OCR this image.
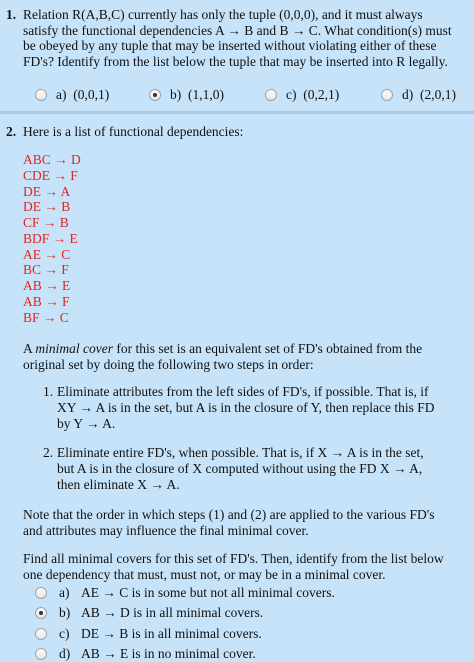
1. Relation R(A,B,C) currently has only the tuple (0,0,0), and it must always satisfy the functional dependencies A → B and B → C. What condition(s) must be obeyed by any tuple that may be inserted without violating either of these FD's? Identify from the list below the tuple that may be inserted into R legally.
a)
(0,0,1)	b)
(1,1,0)	c)
(0,2,1)	d)
(2,0,1)
2. Here is a list of functional dependencies:
ABC → D
CDE → F
DE → A
DE → B
CF → B
BDF → E
AE → C
BC → F
AB → E
AB → F
BF → C
A minimal cover for this set is an equivalent set of FD's obtained from the original set by doing the following two steps in order:
1. Eliminate attributes from the left sides of FD's, if possible. That is, if XY → A is in the set, but A is in the closure of Y, then replace this FD by Y → A.
2. Eliminate entire FD's, when possible. That is, if X → A is in the set, but A is in the closure of X computed without using the FD X → A, then eliminate X → A.
Note that the order in which steps (1) and (2) are applied to the various FD's and attributes may influence the final minimal cover.
Find all minimal covers for this set of FD's. Then, identify from the list below one dependency that must, must not, or may be in a minimal cover.
a) AE → C is in some but not all minimal covers.
b) AB → D is in all minimal covers.
c) DE → B is in all minimal covers.
d) AB → E is in no minimal cover.
